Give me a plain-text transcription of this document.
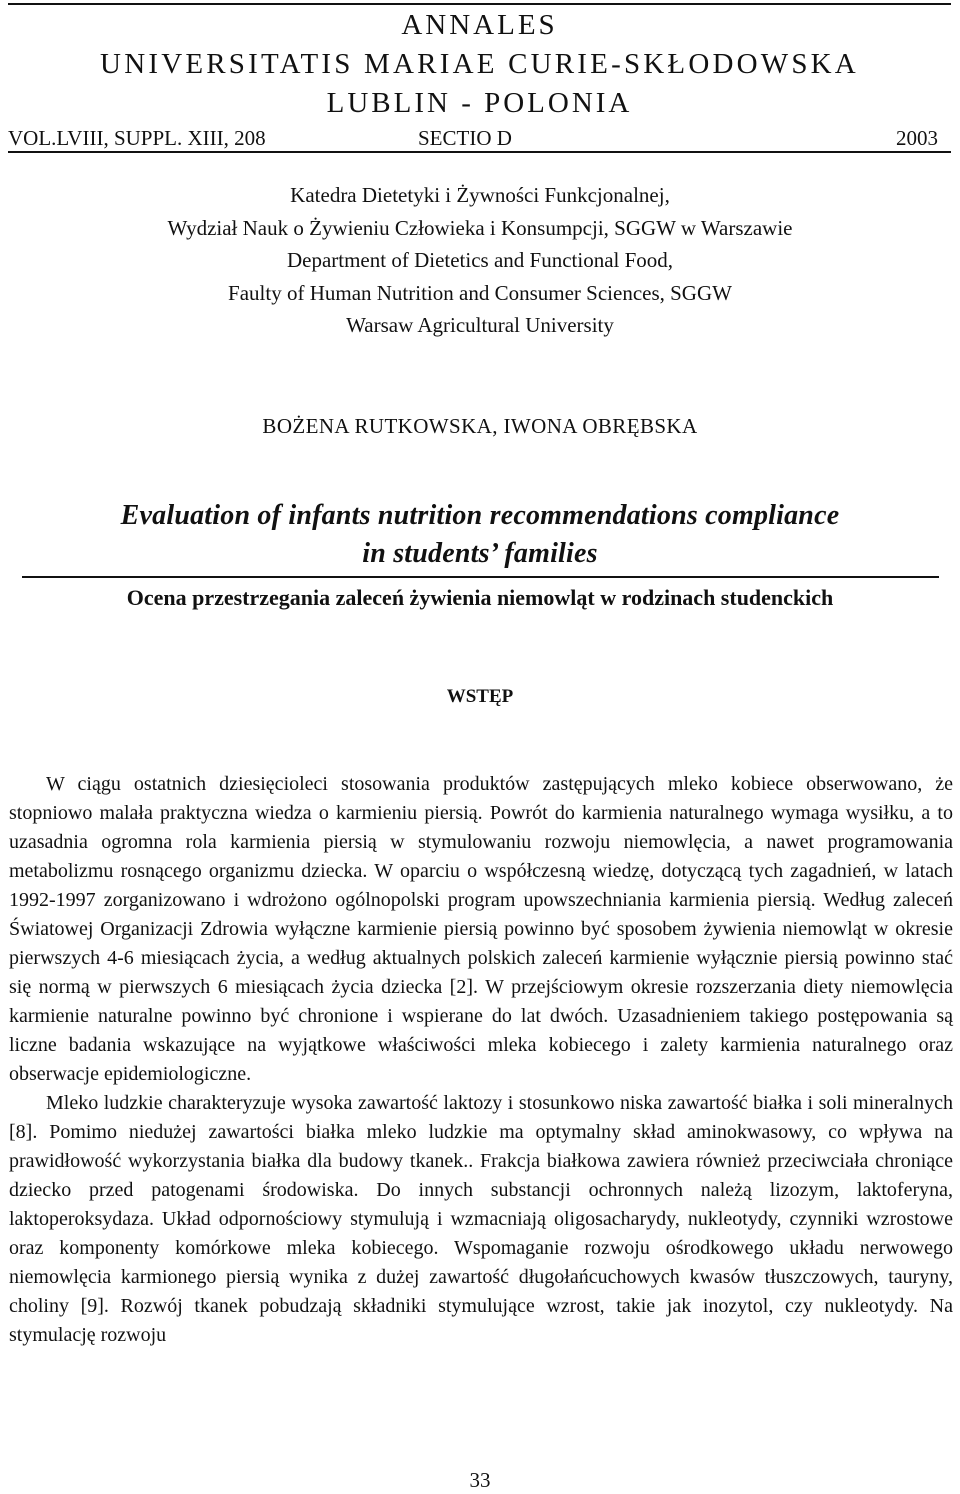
ANNALES
UNIVERSITATIS MARIAE CURIE-SKŁODOWSKA
LUBLIN - POLONIA
VOL.LVIII, SUPPL. XIII, 208	SECTIO D	2003
Katedra Dietetyki i Żywności Funkcjonalnej,
Wydział Nauk o Żywieniu Człowieka i Konsumpcji, SGGW w Warszawie
Department of Dietetics and Functional Food,
Faulty of Human Nutrition and Consumer Sciences, SGGW
Warsaw Agricultural University
BOŻENA RUTKOWSKA, IWONA OBRĘBSKA
Evaluation of infants nutrition recommendations compliance
in students’ families
Ocena przestrzegania zaleceń żywienia niemowląt w rodzinach studenckich
WSTĘP

W ciągu ostatnich dziesięcioleci stosowania produktów zastępujących mleko kobiece obserwowano, że stopniowo malała praktyczna wiedza o karmieniu piersią. Powrót do karmienia naturalnego wymaga wysiłku, a to uzasadnia ogromna rola karmienia piersią w stymulowaniu rozwoju niemowlęcia, a nawet programowania metabolizmu rosnącego organizmu dziecka. W oparciu o współczesną wiedzę, dotyczącą tych zagadnień, w latach 1992-1997 zorganizowano i wdrożono ogólnopolski program upowszechniania karmienia piersią. Według zaleceń Światowej Organizacji Zdrowia wyłączne karmienie piersią powinno być sposobem żywienia niemowląt w okresie pierwszych 4-6 miesiącach życia, a według aktualnych polskich zaleceń karmienie wyłącznie piersią powinno stać się normą w pierwszych 6 miesiącach życia dziecka [2]. W przejściowym okresie rozszerzania diety niemowlęcia karmienie naturalne powinno być chronione i wspierane do lat dwóch. Uzasadnieniem takiego postępowania są liczne badania wskazujące na wyjątkowe właściwości mleka kobiecego i zalety karmienia naturalnego oraz obserwacje epidemiologiczne.

Mleko ludzkie charakteryzuje wysoka zawartość laktozy i stosunkowo niska zawartość białka i soli mineralnych [8]. Pomimo niedużej zawartości białka mleko ludzkie ma optymalny skład aminokwasowy, co wpływa na prawidłowość wykorzystania białka dla budowy tkanek.. Frakcja białkowa zawiera również przeciwciała chroniące dziecko przed patogenami środowiska. Do innych substancji ochronnych należą lizozym, laktoferyna, laktoperoksydaza. Układ odpornościowy stymulują i wzmacniają oligosacharydy, nukleotydy, czynniki wzrostowe oraz komponenty komórkowe mleka kobiecego. Wspomaganie rozwoju ośrodkowego układu nerwowego niemowlęcia karmionego piersią wynika z dużej zawartość długołańcuchowych kwasów tłuszczowych, tauryny, choliny [9]. Rozwój tkanek pobudzają składniki stymulujące wzrost, takie jak inozytol, czy nukleotydy. Na stymulację rozwoju

33
